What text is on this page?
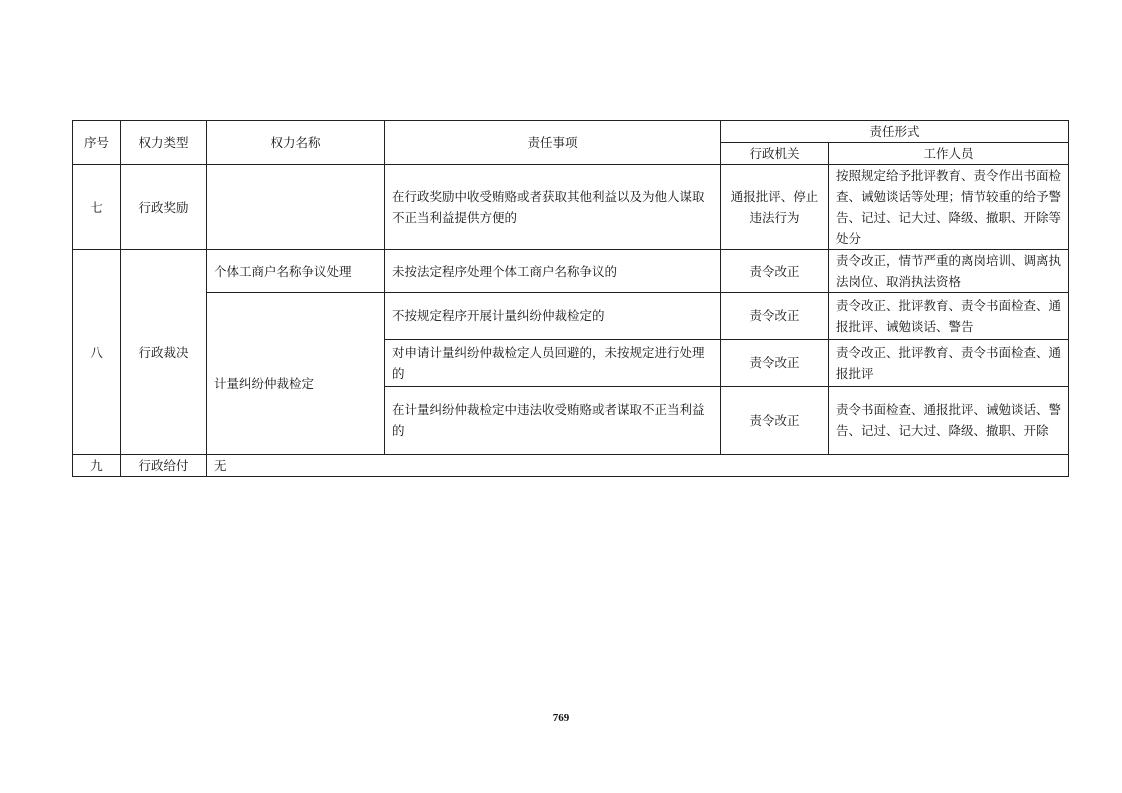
序号	权力类型	权力名称	责任事项	责任形式	
				行政机关	工作人员
七	行政奖励		在行政奖励中收受贿赂或者获取其他利益以及为他人谋取不正当利益提供方便的	通报批评、停止违法行为	按照规定给予批评教育、责令作出书面检查、诫勉谈话等处理；情节较重的给予警告、记过、记大过、降级、撤职、开除等处分
八	行政裁决	个体工商户名称争议处理	未按法定程序处理个体工商户名称争议的	责令改正	责令改正，情节严重的离岗培训、调离执法岗位、取消执法资格
		计量纠纷仲裁检定	不按规定程序开展计量纠纷仲裁检定的	责令改正	责令改正、批评教育、责令书面检查、通报批评、诫勉谈话、警告
			对申请计量纠纷仲裁检定人员回避的，未按规定进行处理的	责令改正	责令改正、批评教育、责令书面检查、通报批评
			在计量纠纷仲裁检定中违法收受贿赂或者谋取不正当利益的	责令改正	责令书面检查、通报批评、诫勉谈话、警告、记过、记大过、降级、撤职、开除
九	行政给付	无			
769
